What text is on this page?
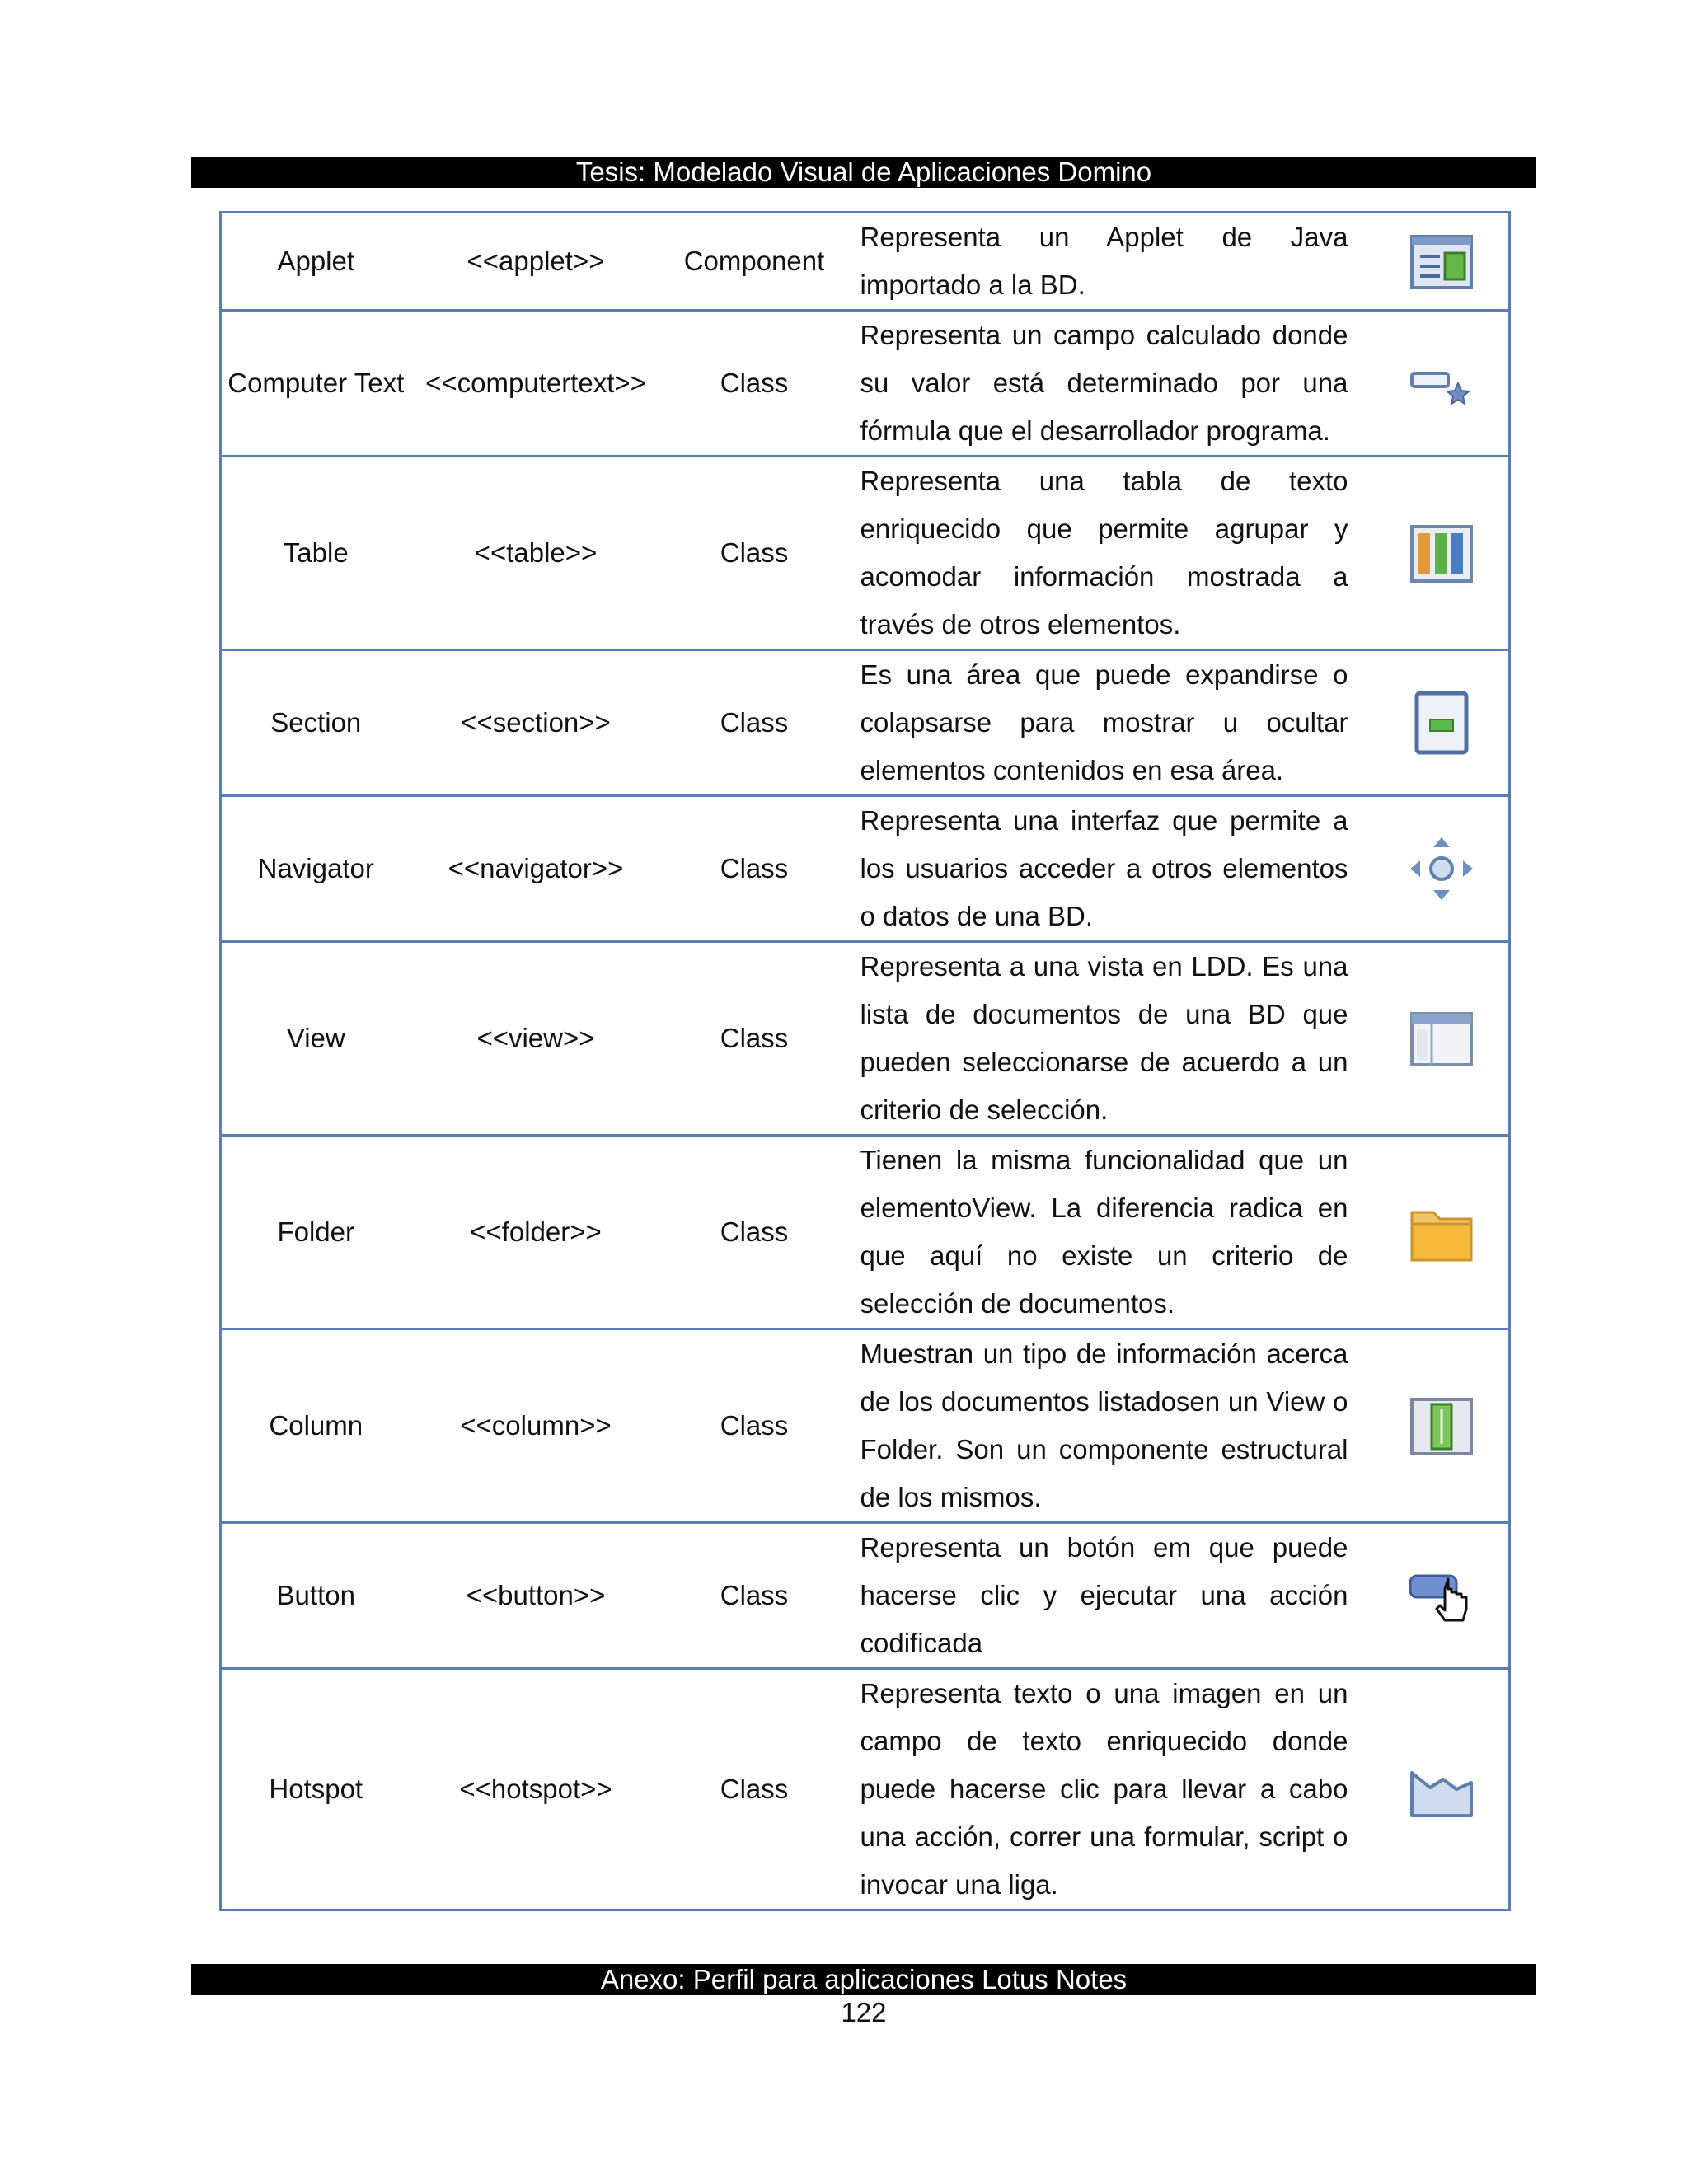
Tesis: Modelado Visual de Aplicaciones Domino
Applet	<<applet>>	Component	Representa un Applet de Java importado a la BD.	

Computer Text	<<computertext>>	Class	Representa un campo calculado donde su valor está determinado por una fórmula que el desarrollador programa.	

Table	<<table>>	Class	Representa una tabla de texto enriquecido que permite agrupar y acomodar información mostrada a través de otros elementos.	

Section	<<section>>	Class	Es una área que puede expandirse o colapsarse para mostrar u ocultar elementos contenidos en esa área.	

Navigator	<<navigator>>	Class	Representa una interfaz que permite a los usuarios acceder a otros elementos o datos de una BD.	

View	<<view>>	Class	Representa a una vista en LDD. Es una lista de documentos de una BD que pueden seleccionarse de acuerdo a un criterio de selección.	

Folder	<<folder>>	Class	Tienen la misma funcionalidad que un elementoView. La diferencia radica en que aquí no existe un criterio de selección de documentos.	

Column	<<column>>	Class	Muestran un tipo de información acerca de los documentos listadosen un View o Folder. Son un componente estructural de los mismos.	

Button	<<button>>	Class	Representa un botón em que puede hacerse clic y ejecutar una acción codificada	

Hotspot	<<hotspot>>	Class	Representa texto o una imagen en un campo de texto enriquecido donde puede hacerse clic para llevar a cabo una acción, correr una formular, script o invocar una liga.	
Anexo: Perfil para aplicaciones Lotus Notes
122
